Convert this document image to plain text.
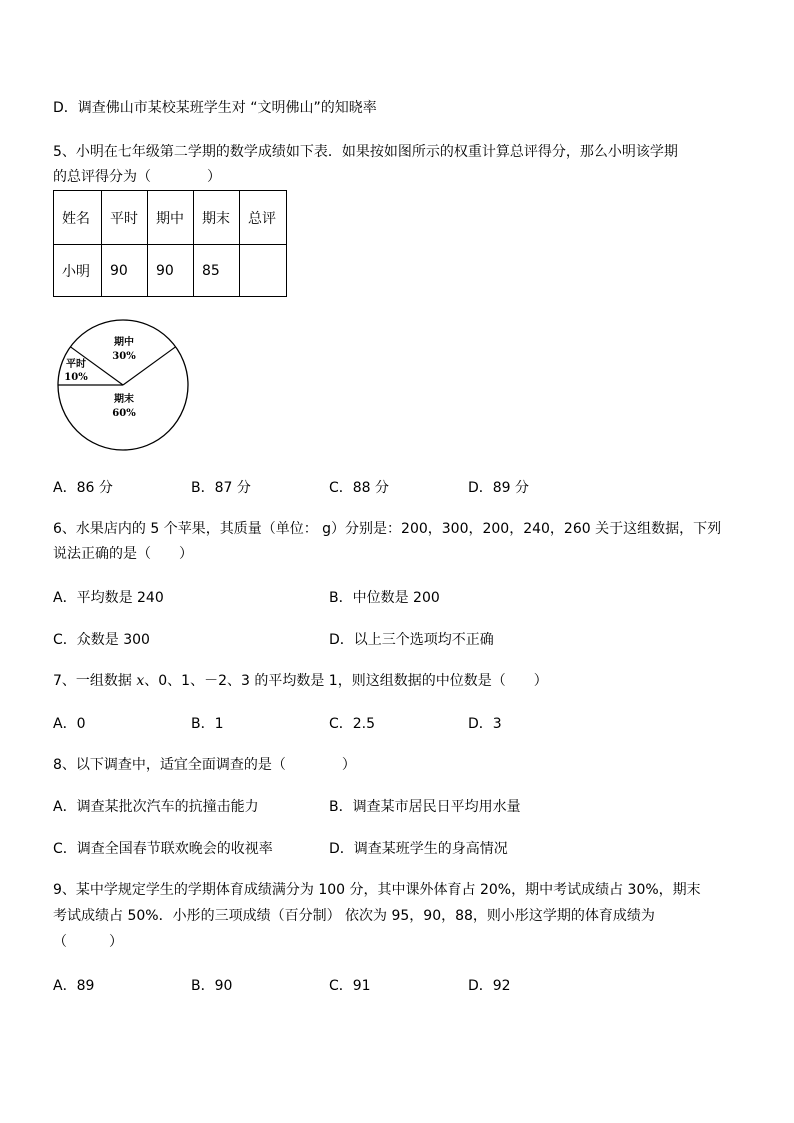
D．调查佛山市某校某班学生对 “文明佛山”的知晓率
5、小明在七年级第二学期的数学成绩如下表．如果按如图所示的权重计算总评得分，那么小明该学期
的总评得分为（　　　　）
姓名	平时	期中	期末	总评
小明	90	90	85	
期中
30%
平时
10%
期末
60%
A．86 分	B．87 分	C．88 分	D．89 分
6、水果店内的 5 个苹果，其质量（单位： g）分别是：200，300，200，240，260 关于这组数据，下列
说法正确的是（　　）
A．平均数是 240	B．中位数是 200
C．众数是 300	D．以上三个选项均不正确
7、一组数据 x、0、1、－2、3 的平均数是 1，则这组数据的中位数是（　　）
A．0	B．1	C．2.5	D．3
8、以下调查中，适宜全面调查的是（　　　　）
A．调查某批次汽车的抗撞击能力	B．调查某市居民日平均用水量
C．调查全国春节联欢晚会的收视率	D．调查某班学生的身高情况
9、某中学规定学生的学期体育成绩满分为 100 分，其中课外体育占 20%，期中考试成绩占 30%，期末
考试成绩占 50%．小彤的三项成绩（百分制） 依次为 95，90，88，则小彤这学期的体育成绩为
（　　　）
A．89	B．90	C．91	D．92
